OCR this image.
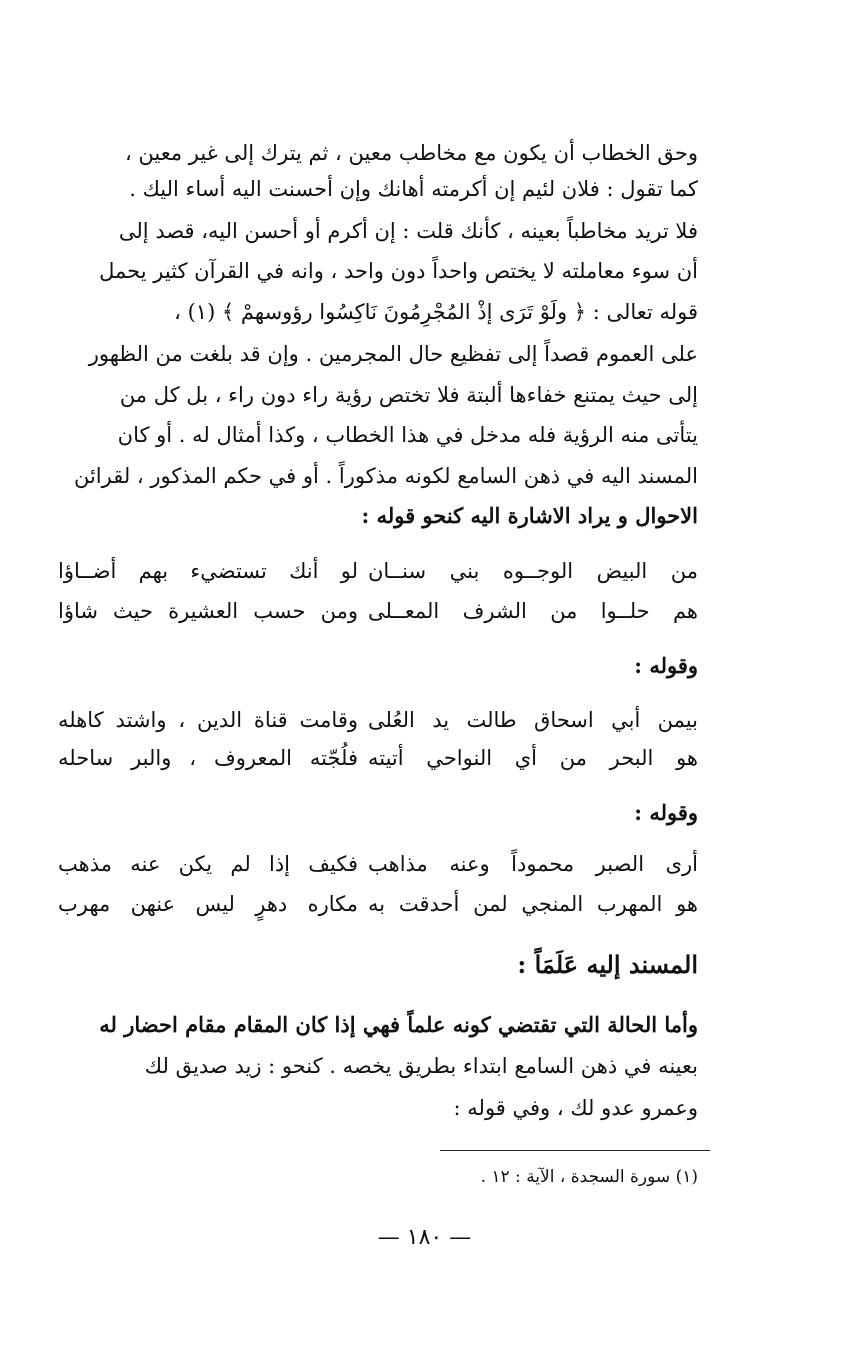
وحق الخطاب أن يكون مع مخاطب معين ، ثم يترك إلى غير معين ،
كما تقول : فلان لئيم إن أكرمته أهانك وإن أحسنت اليه أساء اليك .
فلا تريد مخاطباً بعينه ، كأنك قلت : إن أكرم أو أحسن اليه، قصد إلى
أن سوء معاملته لا يختص واحداً دون واحد ، وانه في القرآن كثير يحمل
قوله تعالى : ﴿ ولَوْ تَرَى إذْ المُجْرِمُونَ نَاكِسُوا رؤوسهمْ ﴾ (١) ،
على العموم قصداً إلى تفظيع حال المجرمين . وإن قد بلغت من الظهور
إلى حيث يمتنع خفاءها ألبتة فلا تختص رؤية راء دون راء ، بل كل من
يتأتى منه الرؤية فله مدخل في هذا الخطاب ، وكذا أمثال له . أو كان
المسند اليه في ذهن السامع لكونه مذكوراً . أو في حكم المذكور ، لقرائن
الاحوال و يراد الاشارة اليه كنحو قوله :
من البيض الوجــوه بني سنــان
لو أنك تستضيء بهم أضــاؤا
هم حلــوا من الشرف المعــلى
ومن حسب العشيرة حيث شاؤا
وقوله :
بيمن أبي اسحاق طالت يد العُلى
وقامت قناة الدين ، واشتد كاهله
هو البحر من أي النواحي أتيته
فلُجّته المعروف ، والبر ساحله
وقوله :
أرى الصبر محموداً وعنه مذاهب
فكيف إذا لم يكن عنه مذهب
هو المهرب المنجي لمن أحدقت به
مكاره دهرٍ ليس عنهن مهرب
المسند إليه عَلَمَاً :
وأما الحالة التي تقتضي كونه علماً فهي إذا كان المقام مقام احضار له
بعينه في ذهن السامع ابتداء بطريق يخصه . كنحو : زيد صديق لك
وعمرو عدو لك ، وفي قوله :
(١) سورة السجدة ، الآية : ١٢ .
— ١٨٠ —
